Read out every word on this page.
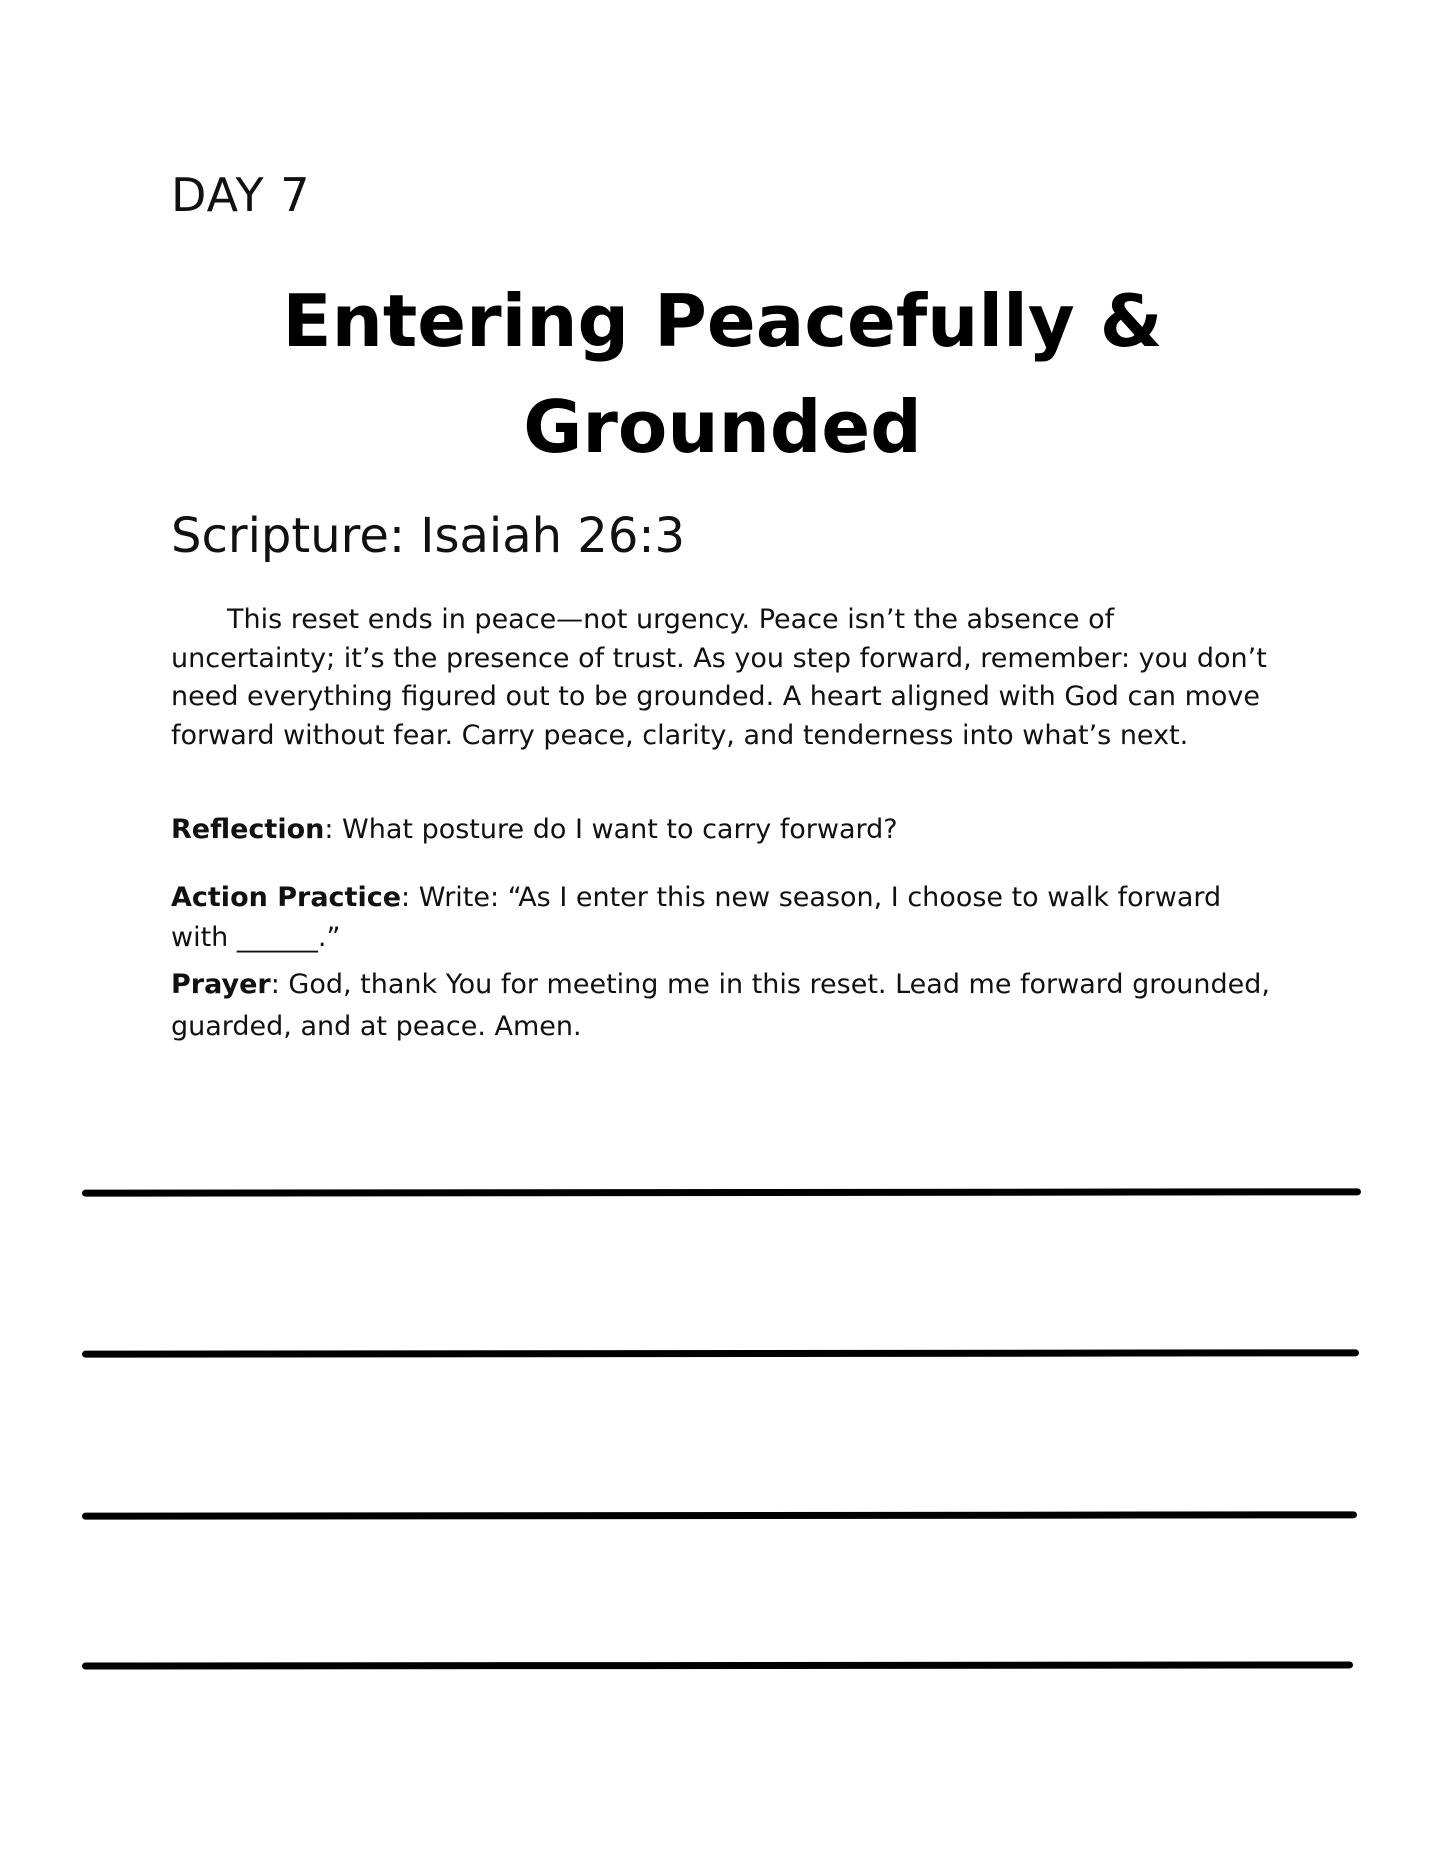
DAY 7

Entering Peacefully &
Grounded
Scripture: Isaiah 26:3

This reset ends in peace—not urgency. Peace isn’t the absence of uncertainty; it’s the presence of trust. As you step forward, remember: you don’t need everything figured out to be grounded. A heart aligned with God can move forward without fear. Carry peace, clarity, and tenderness into what’s next.

Reflection: What posture do I want to carry forward?

Action Practice: Write: “As I enter this new season, I choose to walk forward with ______.”

Prayer: God, thank You for meeting me in this reset. Lead me forward grounded, guarded, and at peace. Amen.
